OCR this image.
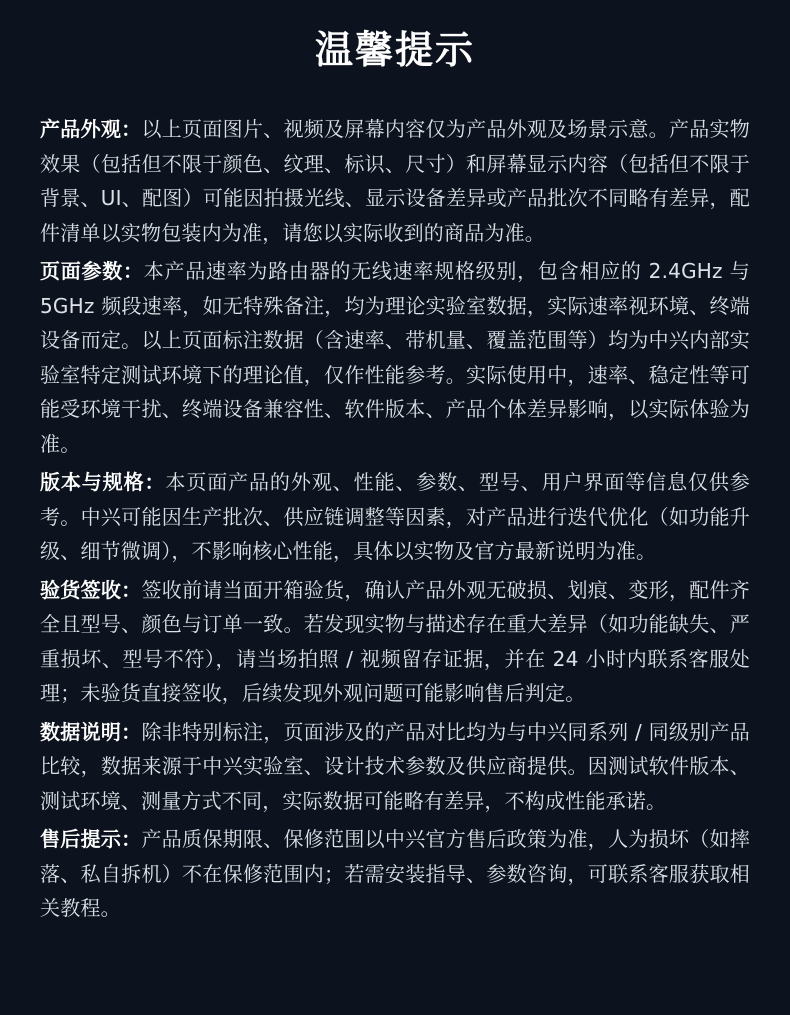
温馨提示

产品外观：以上页面图片、视频及屏幕内容仅为产品外观及场景示意。产品实物效果（包括但不限于颜色、纹理、标识、尺寸）和屏幕显示内容（包括但不限于背景、UI、配图）可能因拍摄光线、显示设备差异或产品批次不同略有差异，配件清单以实物包装内为准，请您以实际收到的商品为准。

页面参数：本产品速率为路由器的无线速率规格级别，包含相应的 2.4GHz 与 5GHz 频段速率，如无特殊备注，均为理论实验室数据，实际速率视环境、终端设备而定。以上页面标注数据（含速率、带机量、覆盖范围等）均为中兴内部实验室特定测试环境下的理论值，仅作性能参考。实际使用中，速率、稳定性等可能受环境干扰、终端设备兼容性、软件版本、产品个体差异影响，以实际体验为准。

版本与规格：本页面产品的外观、性能、参数、型号、用户界面等信息仅供参考。中兴可能因生产批次、供应链调整等因素，对产品进行迭代优化（如功能升级、细节微调），不影响核心性能，具体以实物及官方最新说明为准。

验货签收：签收前请当面开箱验货，确认产品外观无破损、划痕、变形，配件齐全且型号、颜色与订单一致。若发现实物与描述存在重大差异（如功能缺失、严重损坏、型号不符），请当场拍照 / 视频留存证据，并在 24 小时内联系客服处理；未验货直接签收，后续发现外观问题可能影响售后判定。

数据说明：除非特别标注，页面涉及的产品对比均为与中兴同系列 / 同级别产品比较，数据来源于中兴实验室、设计技术参数及供应商提供。因测试软件版本、测试环境、测量方式不同，实际数据可能略有差异，不构成性能承诺。

售后提示：产品质保期限、保修范围以中兴官方售后政策为准，人为损坏（如摔落、私自拆机）不在保修范围内；若需安装指导、参数咨询，可联系客服获取相关教程。
